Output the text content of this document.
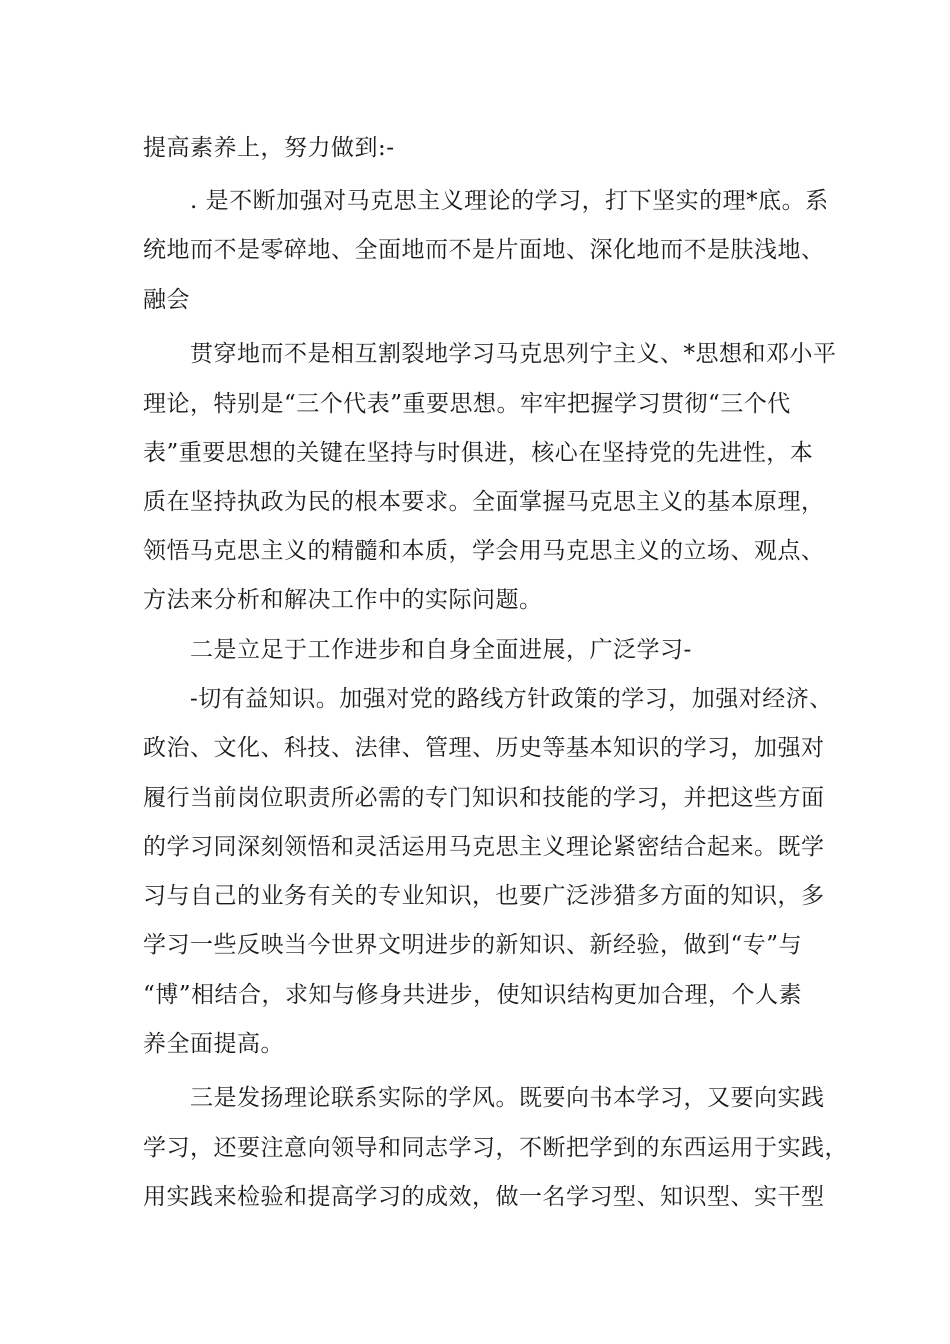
提高素养上，努力做到:-
. 是不断加强对马克思主义理论的学习，打下坚实的理*底。系
统地而不是零碎地、全面地而不是片面地、深化地而不是肤浅地、
融会
贯穿地而不是相互割裂地学习马克思列宁主义、*思想和邓小平
理论，特别是“三个代表”重要思想。牢牢把握学习贯彻“三个代
表”重要思想的关键在坚持与时俱进，核心在坚持党的先进性，本
质在坚持执政为民的根本要求。全面掌握马克思主义的基本原理，
领悟马克思主义的精髓和本质，学会用马克思主义的立场、观点、
方法来分析和解决工作中的实际问题。
二是立足于工作进步和自身全面进展，广泛学习-
-切有益知识。加强对党的路线方针政策的学习，加强对经济、
政治、文化、科技、法律、管理、历史等基本知识的学习，加强对
履行当前岗位职责所必需的专门知识和技能的学习，并把这些方面
的学习同深刻领悟和灵活运用马克思主义理论紧密结合起来。既学
习与自己的业务有关的专业知识，也要广泛涉猎多方面的知识，多
学习一些反映当今世界文明进步的新知识、新经验，做到“专”与
“博”相结合，求知与修身共进步，使知识结构更加合理，个人素
养全面提高。
三是发扬理论联系实际的学风。既要向书本学习，又要向实践
学习，还要注意向领导和同志学习，不断把学到的东西运用于实践，
用实践来检验和提高学习的成效，做一名学习型、知识型、实干型
